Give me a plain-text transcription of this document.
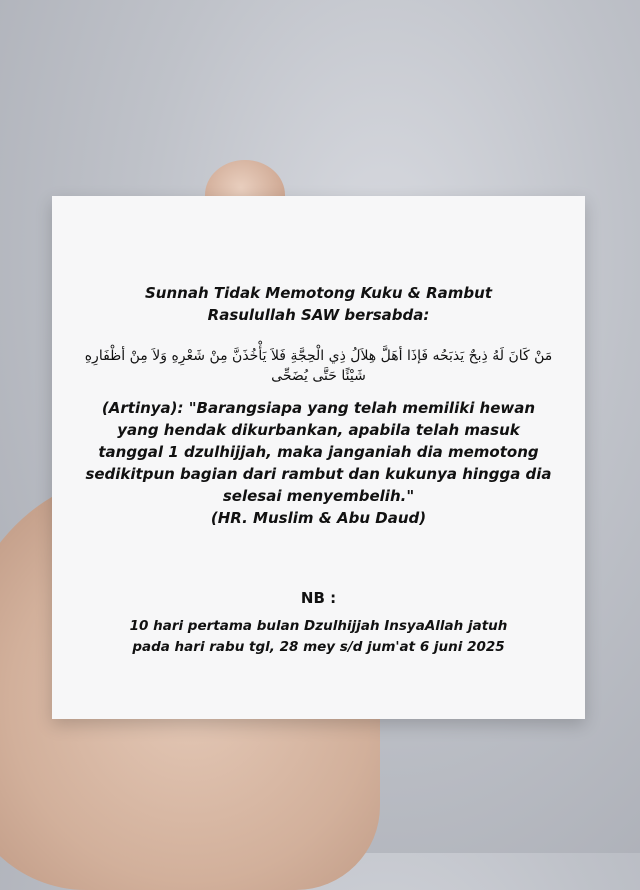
Sunnah Tidak Memotong Kuku & Rambut
Rasulullah SAW bersabda:
مَنْ كَانَ لَهُ ذِبحٌ يَذبَحُه فَإذَا أهَلَّ هِلاَلُ ذِي الْحِجَّةِ فَلاَ يَأْخُذَنَّ مِنْ شَعْرِهِ وَلاَ مِنْ أظْفَارِهِ شَيْئًا حَتَّى يُضَحِّى
(Artinya): "Barangsiapa yang telah memiliki hewan
yang hendak dikurbankan, apabila telah masuk
tanggal 1 dzulhijjah, maka janganiah dia memotong
sedikitpun bagian dari rambut dan kukunya hingga dia
selesai menyembelih."
(HR. Muslim & Abu Daud)
NB :
10 hari pertama bulan Dzulhijjah InsyaAllah jatuh
pada hari rabu tgl, 28 mey s/d jum'at 6 juni 2025
